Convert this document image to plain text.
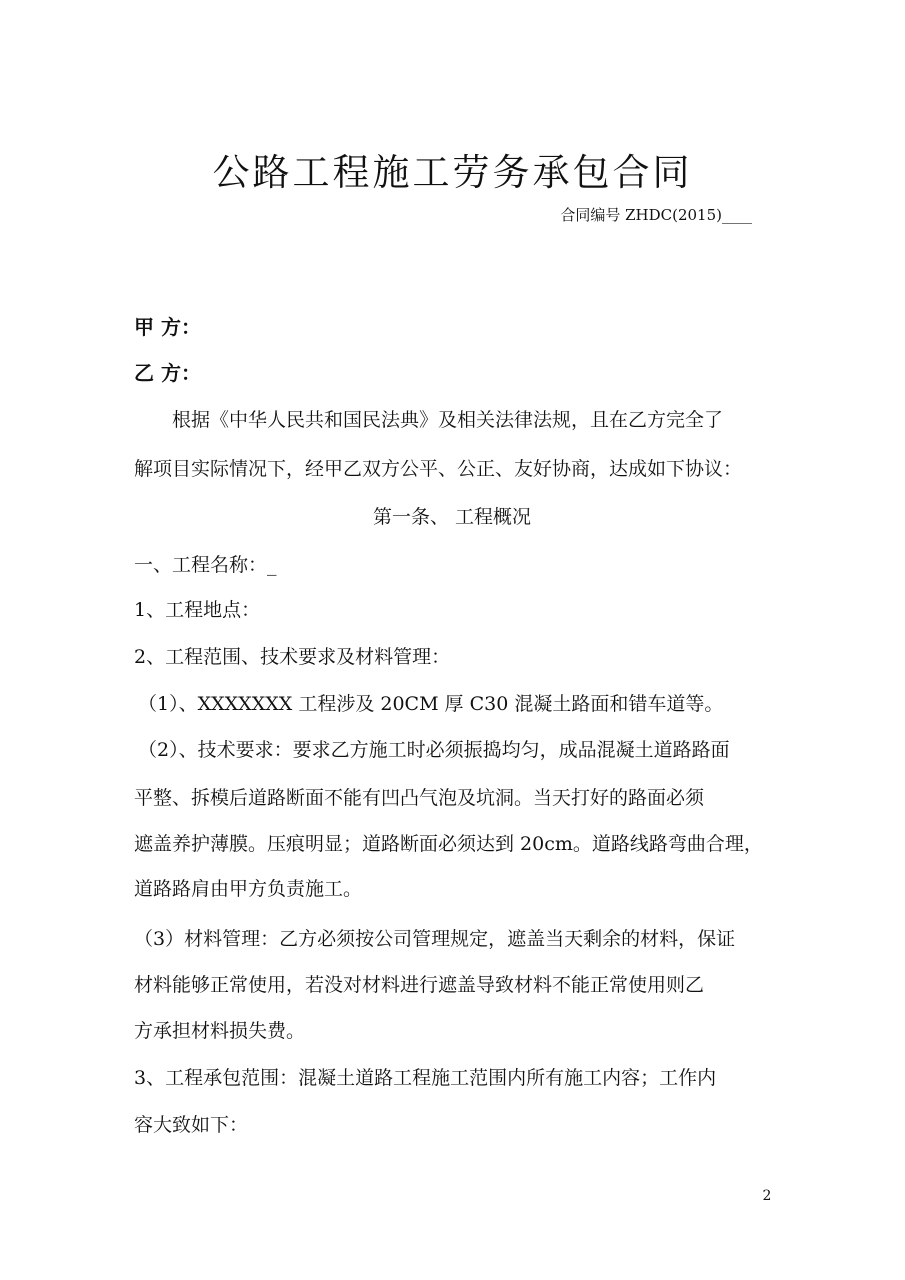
公路工程施工劳务承包合同
合同编号 ZHDC(2015)____
甲 方：
乙 方：
根据《中华人民共和国民法典》及相关法律法规，且在乙方完全了
解项目实际情况下，经甲乙双方公平、公正、友好协商，达成如下协议：
第一条、 工程概况
一、工程名称：_
1、工程地点：
2、工程范围、技术要求及材料管理：
（1）、XXXXXXX 工程涉及 20CM 厚 C30 混凝土路面和错车道等。
（2）、技术要求：要求乙方施工时必须振捣均匀，成品混凝土道路路面
平整、拆模后道路断面不能有凹凸气泡及坑洞。当天打好的路面必须
遮盖养护薄膜。压痕明显；道路断面必须达到 20cm。道路线路弯曲合理，
道路路肩由甲方负责施工。
（3）材料管理：乙方必须按公司管理规定，遮盖当天剩余的材料，保证
材料能够正常使用，若没对材料进行遮盖导致材料不能正常使用则乙
方承担材料损失费。
3、工程承包范围：混凝土道路工程施工范围内所有施工内容；工作内
容大致如下：
2
